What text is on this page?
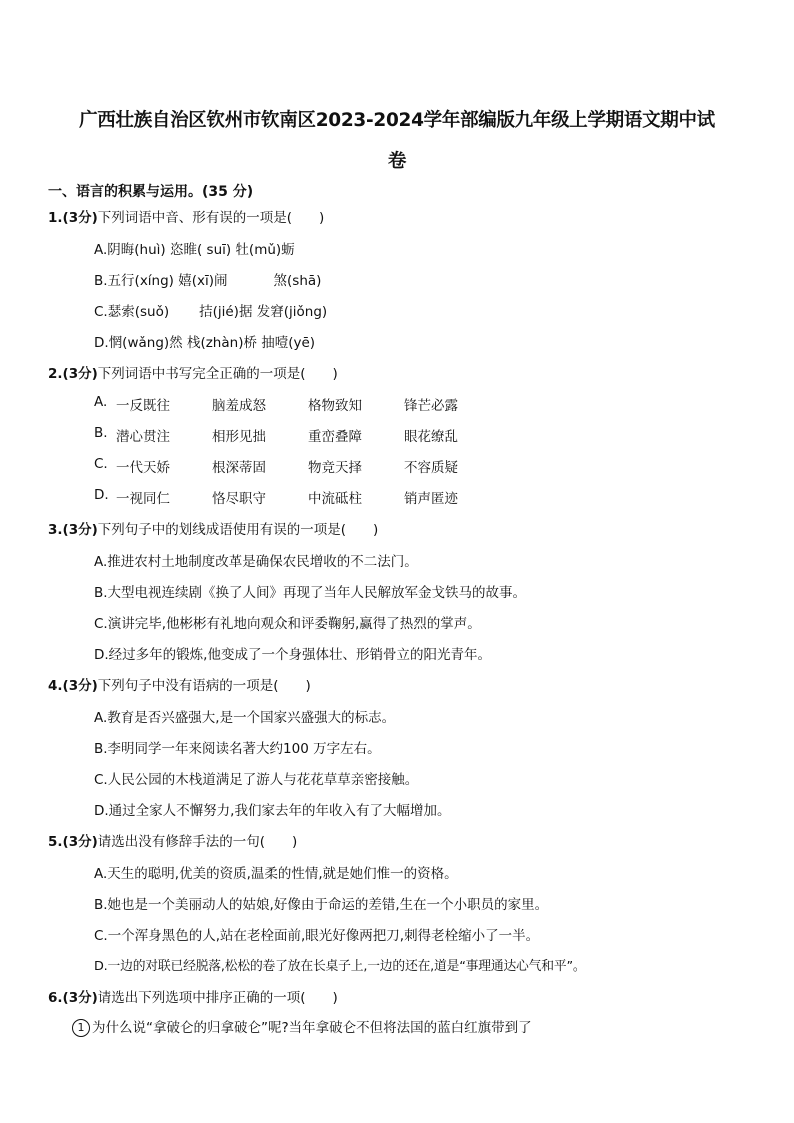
广西壮族自治区钦州市钦南区2023-2024学年部编版九年级上学期语文期中试
卷
一、语言的积累与运用。(35 分)
1.(3分)下列词语中音、形有误的一项是(　　)
A.阴晦(huì) 恣睢( suī) 牡(mǔ)蛎
B.五行(xíng) 嬉(xī)闹	煞(shā)
C.瑟索(suǒ) 拮(jié)据 发窘(jiǒng)
D.惘(wǎng)然 栈(zhàn)桥 抽噎(yē)
2.(3分)下列词语中书写完全正确的一项是(　　)
A. 一反既往	脑羞成怒	格物致知	锋芒必露
B. 潜心贯注	相形见拙	重峦叠障	眼花缭乱
C. 一代天娇	根深蒂固	物竞天择	不容质疑
D. 一视同仁	恪尽职守	中流砥柱	销声匿迹
3.(3分)下列句子中的划线成语使用有误的一项是(　　)
A.推进农村土地制度改革是确保农民增收的不二法门。
B.大型电视连续剧《换了人间》再现了当年人民解放军金戈铁马的故事。
C.演讲完毕,他彬彬有礼地向观众和评委鞠躬,赢得了热烈的掌声。
D.经过多年的锻炼,他变成了一个身强体壮、形销骨立的阳光青年。
4.(3分)下列句子中没有语病的一项是(　　)
A.教育是否兴盛强大,是一个国家兴盛强大的标志。
B.李明同学一年来阅读名著大约100 万字左右。
C.人民公园的木栈道满足了游人与花花草草亲密接触。
D.通过全家人不懈努力,我们家去年的年收入有了大幅增加。
5.(3分)请选出没有修辞手法的一句(　　)
A.天生的聪明,优美的资质,温柔的性情,就是她们惟一的资格。
B.她也是一个美丽动人的姑娘,好像由于命运的差错,生在一个小职员的家里。
C.一个浑身黑色的人,站在老栓面前,眼光好像两把刀,刺得老栓缩小了一半。
D.一边的对联已经脱落,松松的卷了放在长桌子上,一边的还在,道是“事理通达心气和平”。
6.(3分)请选出下列选项中排序正确的一项(　　)
1 为什么说“拿破仑的归拿破仑”呢?当年拿破仑不但将法国的蓝白红旗带到了
